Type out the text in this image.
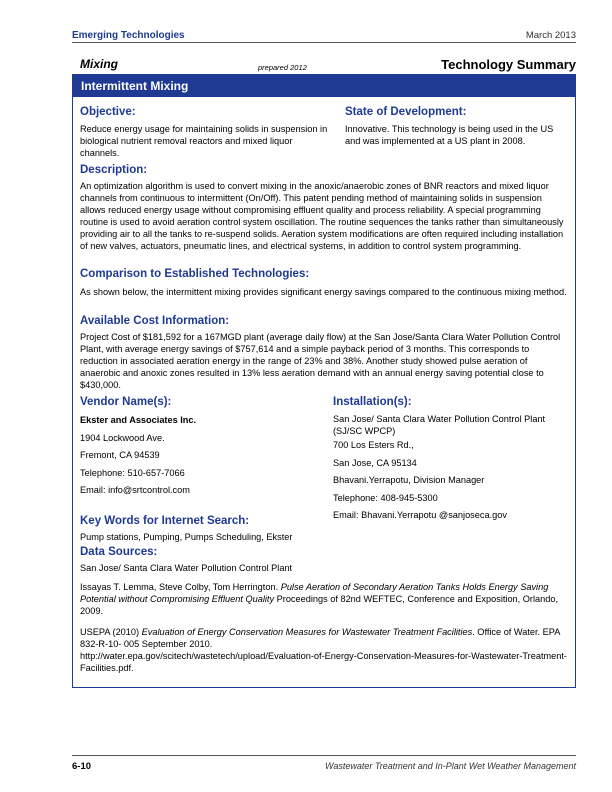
Emerging Technologies	March 2013
Mixing	prepared 2012	Technology Summary
Intermittent Mixing
Objective:
Reduce energy usage for maintaining solids in suspension in biological nutrient removal reactors and mixed liquor channels.
State of Development:
Innovative. This technology is being used in the US and was implemented at a US plant in 2008.
Description:
An optimization algorithm is used to convert mixing in the anoxic/anaerobic zones of BNR reactors and mixed liquor channels from continuous to intermittent (On/Off). This patent pending method of maintaining solids in suspension allows reduced energy usage without compromising effluent quality and process reliability. A special programming routine is used to avoid aeration control system oscillation. The routine sequences the tanks rather than simultaneously providing air to all the tanks to re-suspend solids. Aeration system modifications are often required including installation of new valves, actuators, pneumatic lines, and electrical systems, in addition to control system programming.
Comparison to Established Technologies:
As shown below, the intermittent mixing provides significant energy savings compared to the continuous mixing method.
Available Cost Information:
Project Cost of $181,592 for a 167MGD plant (average daily flow) at the San Jose/Santa Clara Water Pollution Control Plant, with average energy savings of $757,614 and a simple payback period of 3 months. This corresponds to reduction in associated aeration energy in the range of 23% and 38%. Another study showed pulse aeration of anaerobic and anoxic zones resulted in 13% less aeration demand with an annual energy saving potential close to $430,000.
Vendor Name(s):
Ekster and Associates Inc.
1904 Lockwood Ave.
Fremont, CA 94539
Telephone: 510-657-7066
Email: info@srtcontrol.com
Installation(s):
San Jose/ Santa Clara Water Pollution Control Plant (SJ/SC WPCP)
700 Los Esters Rd.,
San Jose, CA 95134
Bhavani.Yerrapotu, Division Manager
Telephone: 408-945-5300
Email: Bhavani.Yerrapotu @sanjoseca.gov
Key Words for Internet Search:
Pump stations, Pumping, Pumps Scheduling, Ekster
Data Sources:
San Jose/ Santa Clara Water Pollution Control Plant
Issayas T. Lemma, Steve Colby, Tom Herrington. Pulse Aeration of Secondary Aeration Tanks Holds Energy Saving Potential without Compromising Effluent Quality Proceedings of 82nd WEFTEC, Conference and Exposition, Orlando, 2009.
USEPA (2010) Evaluation of Energy Conservation Measures for Wastewater Treatment Facilities. Office of Water. EPA 832-R-10- 005 September 2010.
http://water.epa.gov/scitech/wastetech/upload/Evaluation-of-Energy-Conservation-Measures-for-Wastewater-Treatment-Facilities.pdf.
6-10	Wastewater Treatment and In-Plant Wet Weather Management
